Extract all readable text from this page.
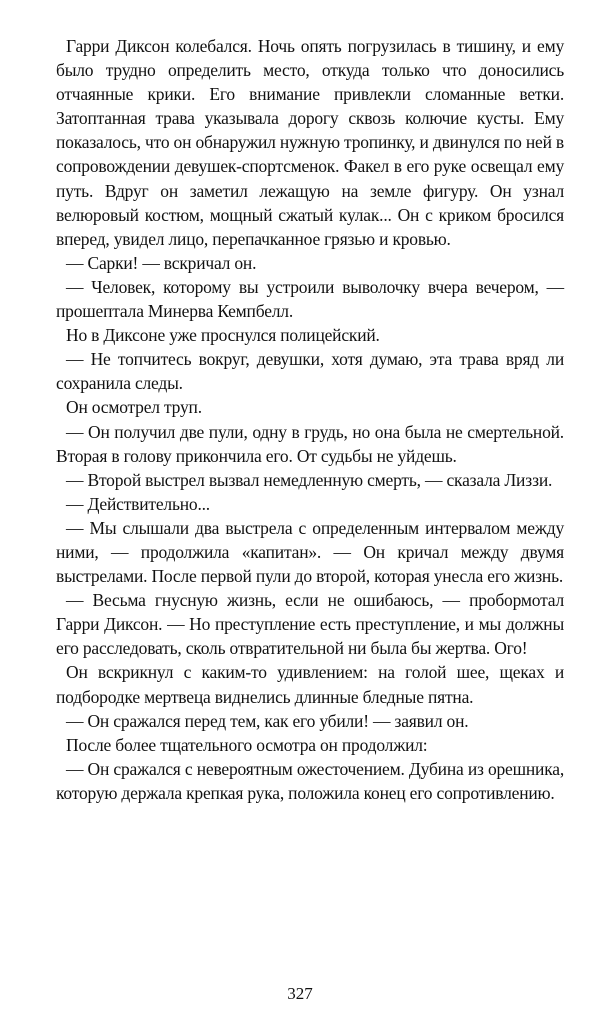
Гарри Диксон колебался. Ночь опять погрузилась в тишину, и ему было трудно определить место, откуда только что доносились отчаянные крики. Его внимание привлекли сломанные ветки. Затоптанная трава указывала дорогу сквозь колючие кусты. Ему показалось, что он обнаружил нужную тропинку, и двинулся по ней в сопровождении девушек-спортсменок. Факел в его руке освещал ему путь. Вдруг он заметил лежащую на земле фигуру. Он узнал велюровый костюм, мощный сжатый кулак... Он с криком бросился вперед, увидел лицо, перепачканное грязью и кровью.

— Сарки! — вскричал он.

— Человек, которому вы устроили выволочку вчера вечером, — прошептала Минерва Кемпбелл.

Но в Диксоне уже проснулся полицейский.

— Не топчитесь вокруг, девушки, хотя думаю, эта трава вряд ли сохранила следы.

Он осмотрел труп.

— Он получил две пули, одну в грудь, но она была не смертельной. Вторая в голову прикончила его. От судьбы не уйдешь.

— Второй выстрел вызвал немедленную смерть, — сказала Лиззи.

— Действительно...

— Мы слышали два выстрела с определенным интервалом между ними, — продолжила «капитан». — Он кричал между двумя выстрелами. После первой пули до второй, которая унесла его жизнь.

— Весьма гнусную жизнь, если не ошибаюсь, — пробормотал Гарри Диксон. — Но преступление есть преступление, и мы должны его расследовать, сколь отвратительной ни была бы жертва. Ого!

Он вскрикнул с каким-то удивлением: на голой шее, щеках и подбородке мертвеца виднелись длинные бледные пятна.

— Он сражался перед тем, как его убили! — заявил он.

После более тщательного осмотра он продолжил:

— Он сражался с невероятным ожесточением. Дубина из орешника, которую держала крепкая рука, положила конец его сопротивлению.

327
